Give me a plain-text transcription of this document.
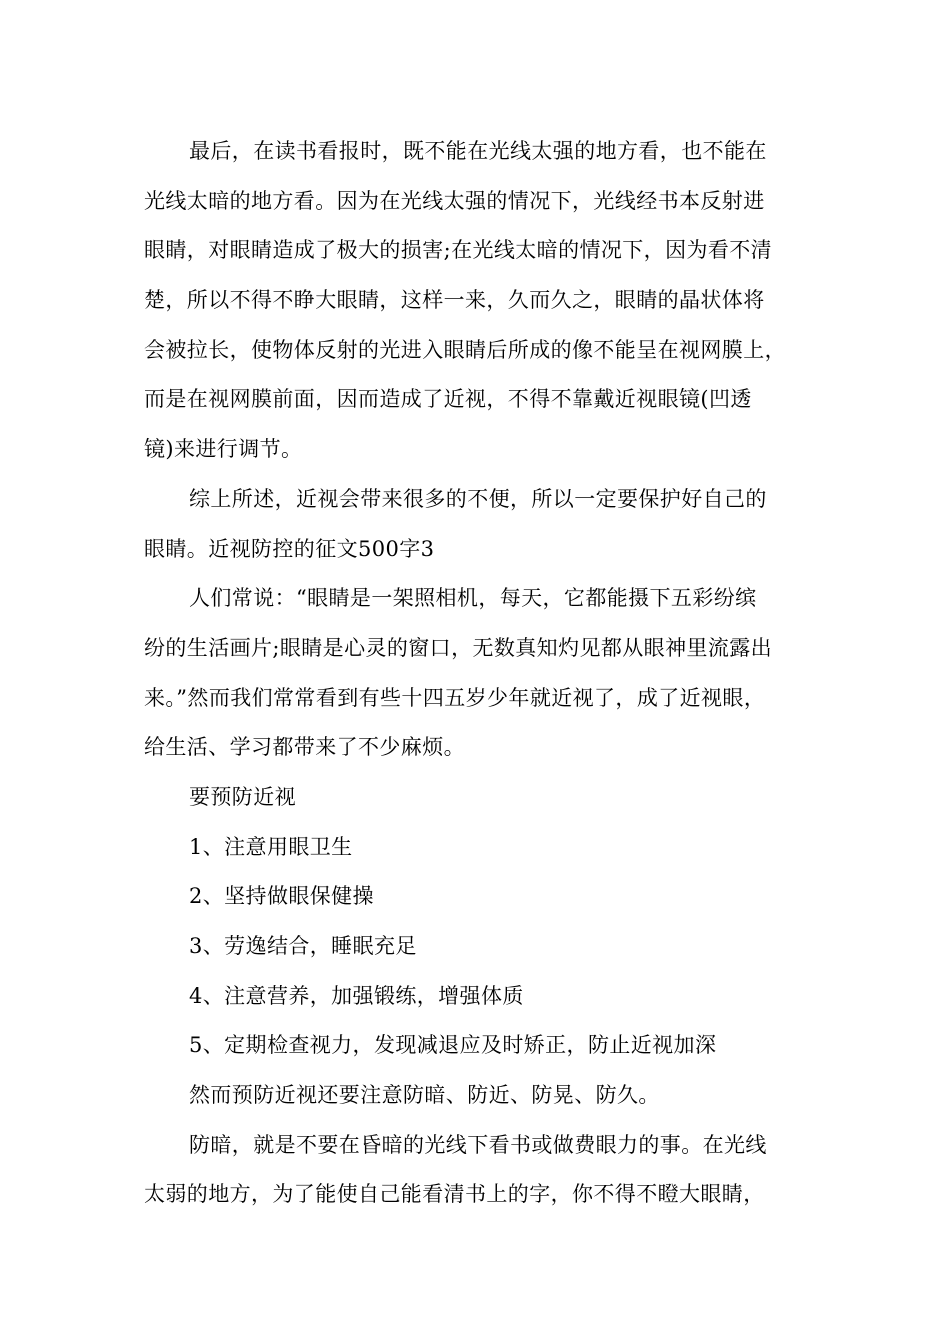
最后，在读书看报时，既不能在光线太强的地方看，也不能在
光线太暗的地方看。因为在光线太强的情况下，光线经书本反射进
眼睛，对眼睛造成了极大的损害;在光线太暗的情况下，因为看不清
楚，所以不得不睁大眼睛，这样一来，久而久之，眼睛的晶状体将
会被拉长，使物体反射的光进入眼睛后所成的像不能呈在视网膜上，
而是在视网膜前面，因而造成了近视，不得不靠戴近视眼镜(凹透
镜)来进行调节。
综上所述，近视会带来很多的不便，所以一定要保护好自己的
眼睛。近视防控的征文500字3
人们常说：“眼睛是一架照相机，每天，它都能摄下五彩纷缤
纷的生活画片;眼睛是心灵的窗口，无数真知灼见都从眼神里流露出
来。”然而我们常常看到有些十四五岁少年就近视了，成了近视眼，
给生活、学习都带来了不少麻烦。
要预防近视
1、注意用眼卫生
2、坚持做眼保健操
3、劳逸结合，睡眠充足
4、注意营养，加强锻练，增强体质
5、定期检查视力，发现减退应及时矫正，防止近视加深
然而预防近视还要注意防暗、防近、防晃、防久。
防暗，就是不要在昏暗的光线下看书或做费眼力的事。在光线
太弱的地方，为了能使自己能看清书上的字，你不得不瞪大眼睛，
